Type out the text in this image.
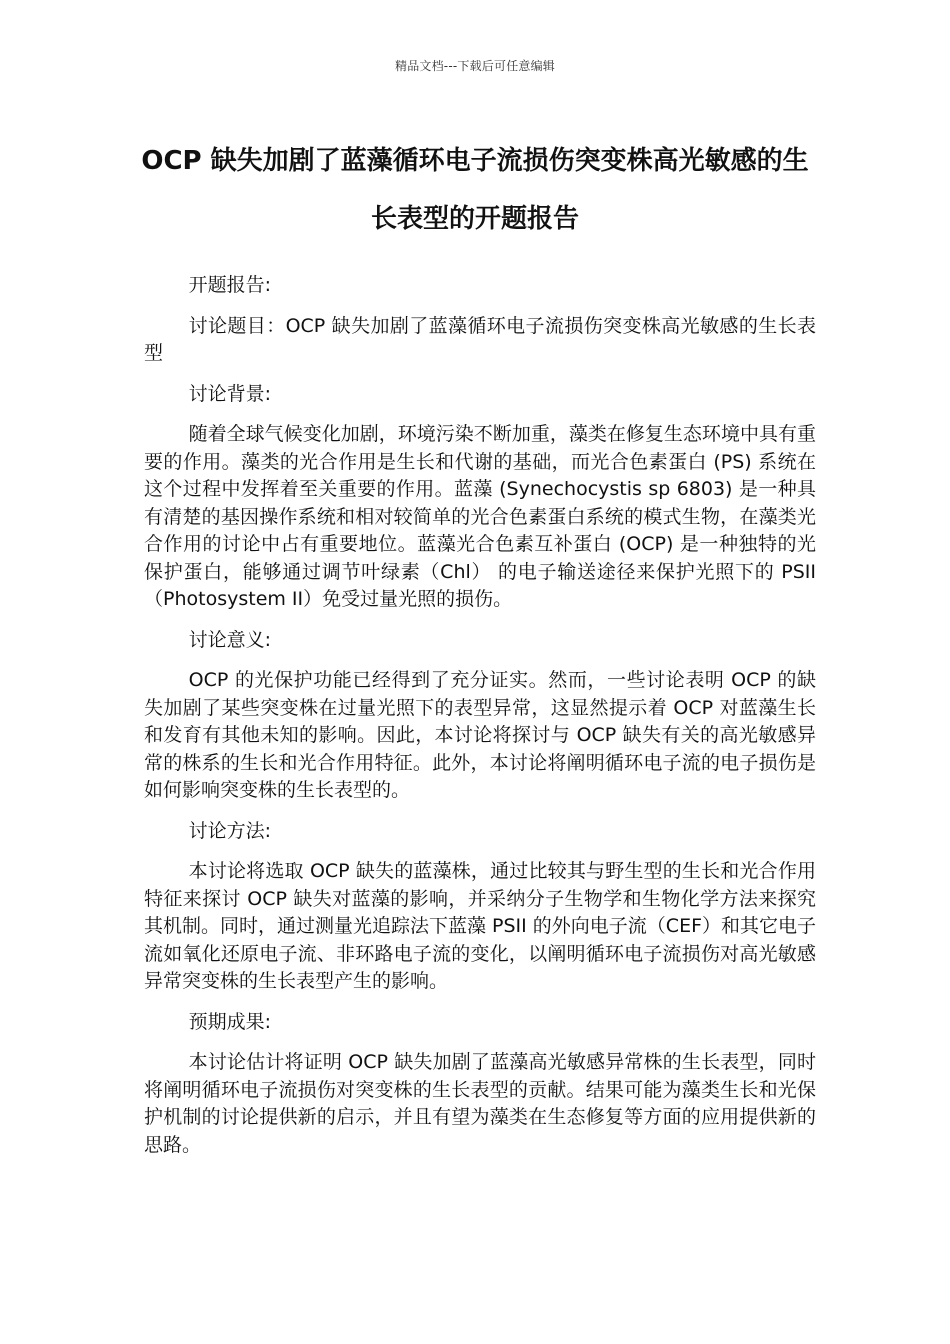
精品文档---下载后可任意编辑
OCP 缺失加剧了蓝藻循环电子流损伤突变株高光敏感的生长表型的开题报告

开题报告:

讨论题目：OCP 缺失加剧了蓝藻循环电子流损伤突变株高光敏感的生长表型

讨论背景:

随着全球气候变化加剧，环境污染不断加重，藻类在修复生态环境中具有重要的作用。藻类的光合作用是生长和代谢的基础，而光合色素蛋白 (PS) 系统在这个过程中发挥着至关重要的作用。蓝藻 (Synechocystis sp 6803) 是一种具有清楚的基因操作系统和相对较简单的光合色素蛋白系统的模式生物，在藻类光合作用的讨论中占有重要地位。蓝藻光合色素互补蛋白 (OCP) 是一种独特的光保护蛋白，能够通过调节叶绿素（Chl） 的电子输送途径来保护光照下的 PSII（Photosystem II）免受过量光照的损伤。

讨论意义:

OCP 的光保护功能已经得到了充分证实。然而，一些讨论表明 OCP 的缺失加剧了某些突变株在过量光照下的表型异常，这显然提示着 OCP 对蓝藻生长和发育有其他未知的影响。因此，本讨论将探讨与 OCP 缺失有关的高光敏感异常的株系的生长和光合作用特征。此外，本讨论将阐明循环电子流的电子损伤是如何影响突变株的生长表型的。

讨论方法:

本讨论将选取 OCP 缺失的蓝藻株，通过比较其与野生型的生长和光合作用特征来探讨 OCP 缺失对蓝藻的影响，并采纳分子生物学和生物化学方法来探究其机制。同时，通过测量光追踪法下蓝藻 PSII 的外向电子流（CEF）和其它电子流如氧化还原电子流、非环路电子流的变化，以阐明循环电子流损伤对高光敏感异常突变株的生长表型产生的影响。

预期成果:

本讨论估计将证明 OCP 缺失加剧了蓝藻高光敏感异常株的生长表型，同时将阐明循环电子流损伤对突变株的生长表型的贡献。结果可能为藻类生长和光保护机制的讨论提供新的启示，并且有望为藻类在生态修复等方面的应用提供新的思路。
